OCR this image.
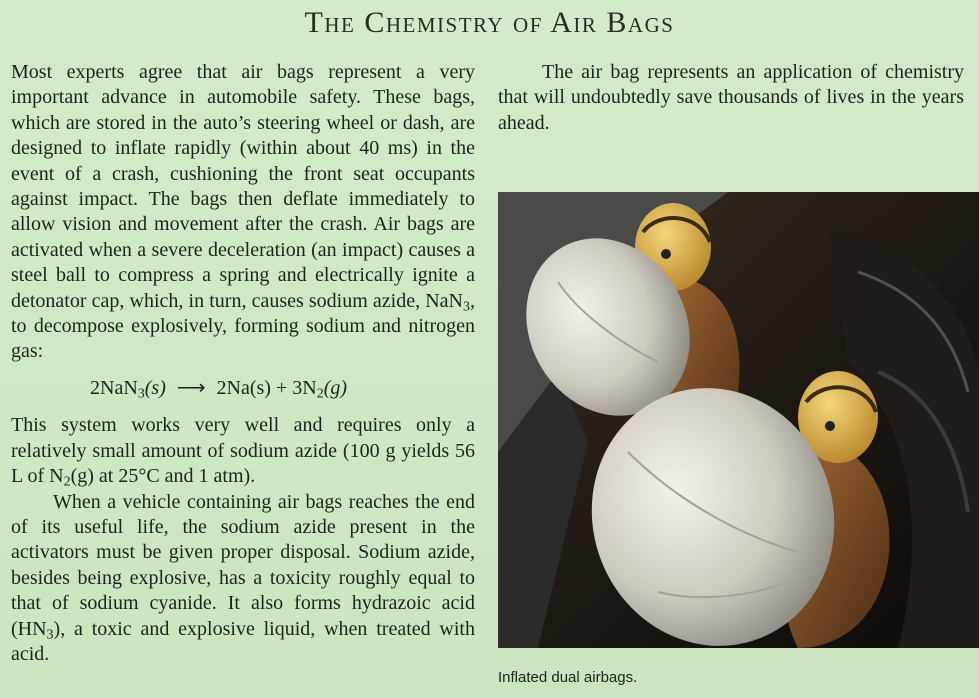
The Chemistry of Air Bags

Most experts agree that air bags represent a very important advance in automobile safety. These bags, which are stored in the auto’s steering wheel or dash, are designed to inflate rapidly (within about 40 ms) in the event of a crash, cushioning the front seat occupants against impact. The bags then deflate immediately to allow vision and movement after the crash. Air bags are activated when a severe deceleration (an impact) causes a steel ball to compress a spring and electrically ignite a detonator cap, which, in turn, causes sodium azide, NaN$_3$, to decompose explosively, forming sodium and nitrogen gas:

2NaN$_3$(s) ⟶ $2Na(s) + 3N_2(g)$

This system works very well and requires only a relatively small amount of sodium azide (100 g yields 56 L of $N_2(g)$ at 25°C and 1 atm).

When a vehicle containing air bags reaches the end of its useful life, the sodium azide present in the activators must be given proper disposal. Sodium azide, besides being explosive, has a toxicity roughly equal to that of sodium cyanide. It also forms hydrazoic acid $(HN_3)$, a toxic and explosive liquid, when treated with acid.

The air bag represents an application of chemistry that will undoubtedly save thousands of lives in the years ahead.

Inflated dual airbags.
